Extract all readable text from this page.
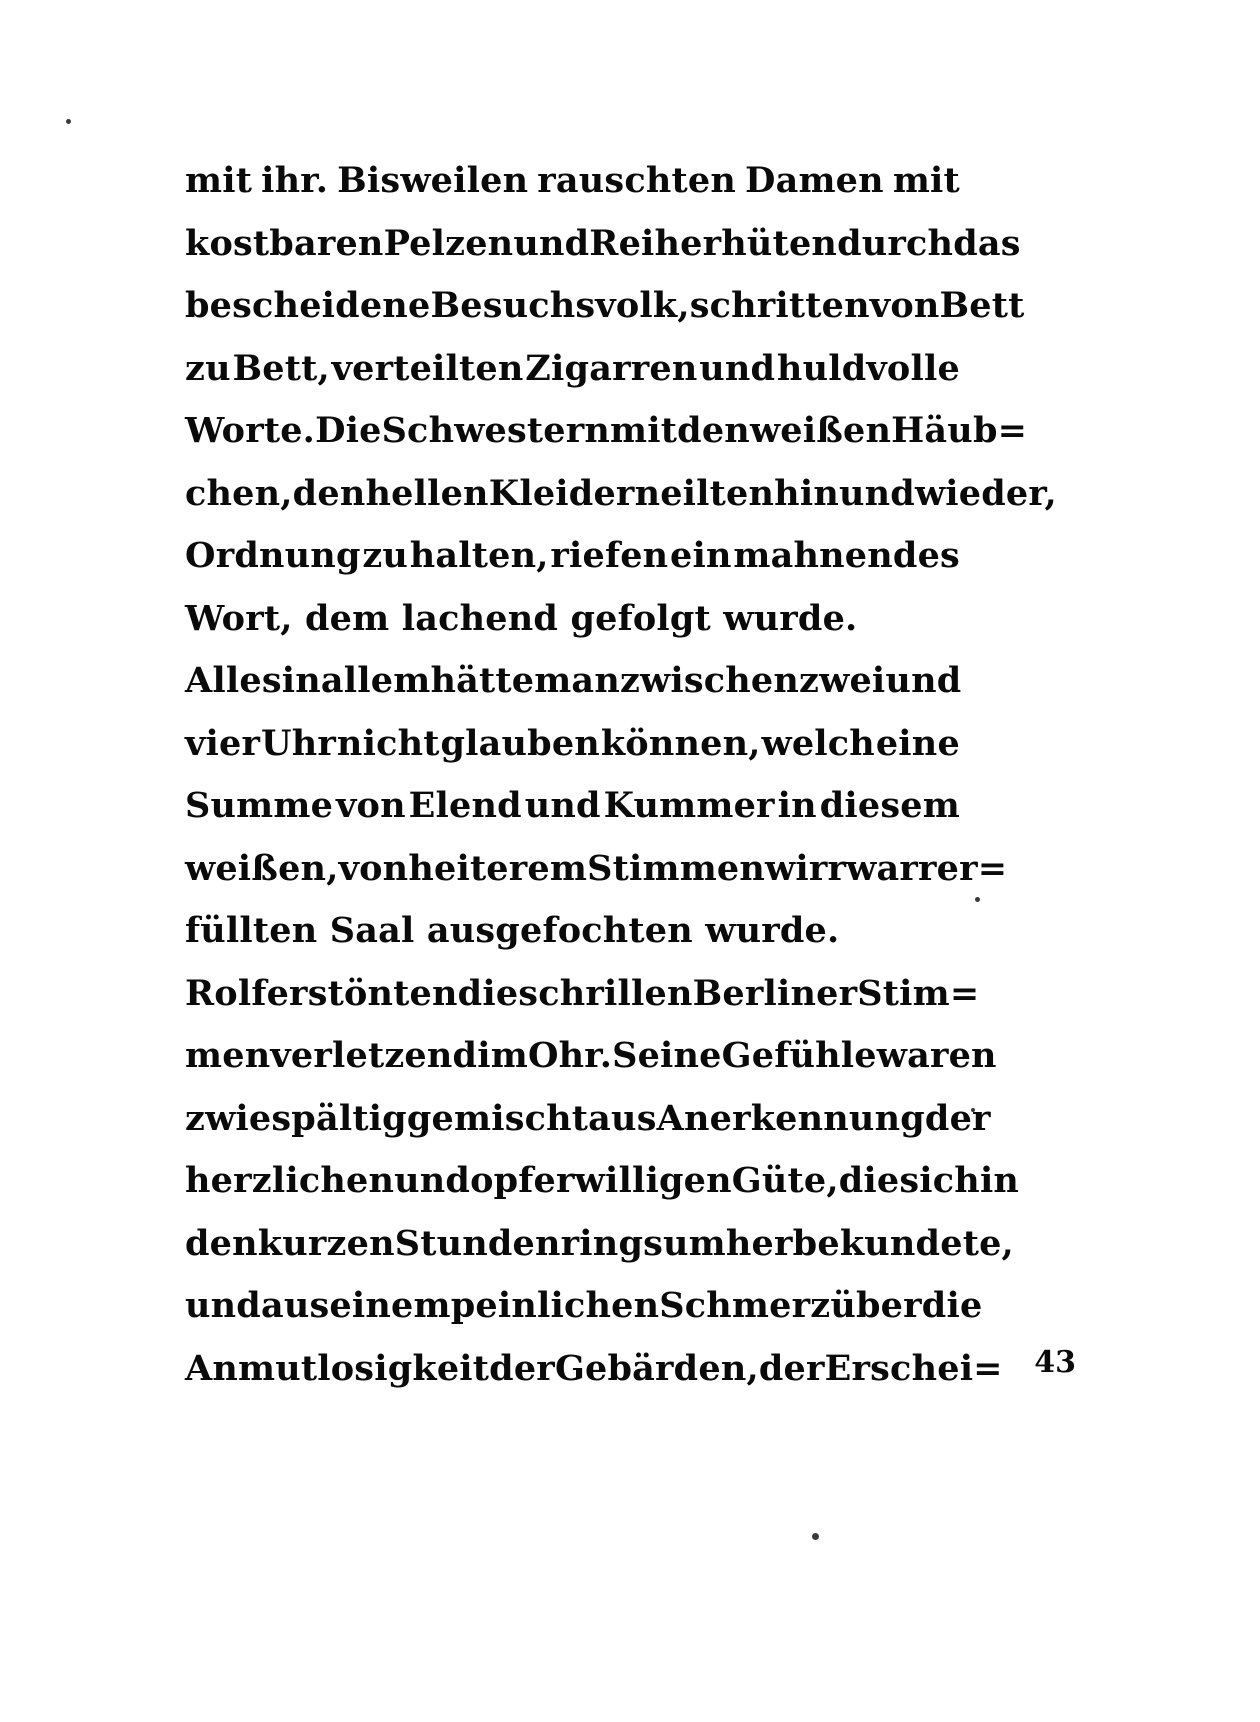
mit ihr. Bisweilen rauschten Damen mit
kostbaren Pelzen und Reiherhüten durch das
bescheidene Besuchsvolk, schritten von Bett
zu Bett, verteilten Zigarren und huldvolle
Worte. Die Schwestern mit den weißen Häub=
chen, den hellen Kleidern eilten hin und wieder,
Ordnung zu halten, riefen ein mahnendes
Wort, dem lachend gefolgt wurde.
Alles in allem hätte man zwischen zwei und
vier Uhr nicht glauben können, welch eine
Summe von Elend und Kummer in diesem
weißen, von heiterem Stimmenwirrwarr er=
füllten Saal ausgefochten wurde.
Rolfers tönten die schrillen Berliner Stim=
men verletzend im Ohr. Seine Gefühle waren
zwiespältig gemischt aus Anerkennung der
herzlichen und opferwilligen Güte, die sich in
den kurzen Stunden ringsumher bekundete,
und aus einem peinlichen Schmerz über die
Anmutlosigkeit der Gebärden, der Erschei= 43
